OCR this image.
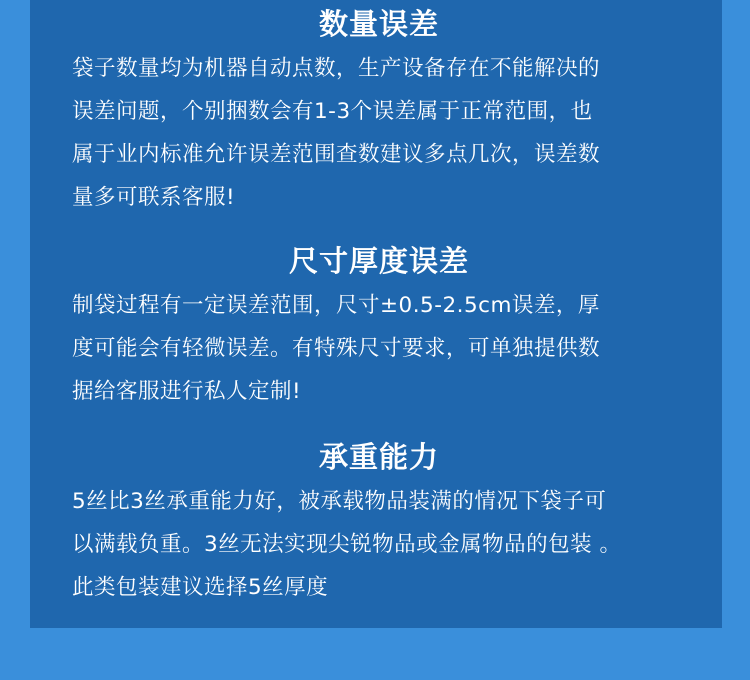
数量误差

袋子数量均为机器自动点数，生产设备存在不能解决的
误差问题，个别捆数会有1-3个误差属于正常范围，也
属于业内标准允许误差范围查数建议多点几次，误差数
量多可联系客服!

尺寸厚度误差

制袋过程有一定误差范围，尺寸±0.5-2.5cm误差，厚
度可能会有轻微误差。有特殊尺寸要求，可单独提供数
据给客服进行私人定制!

承重能力

5丝比3丝承重能力好，被承载物品装满的情况下袋子可
以满载负重。3丝无法实现尖锐物品或金属物品的包装 。
此类包装建议选择5丝厚度
